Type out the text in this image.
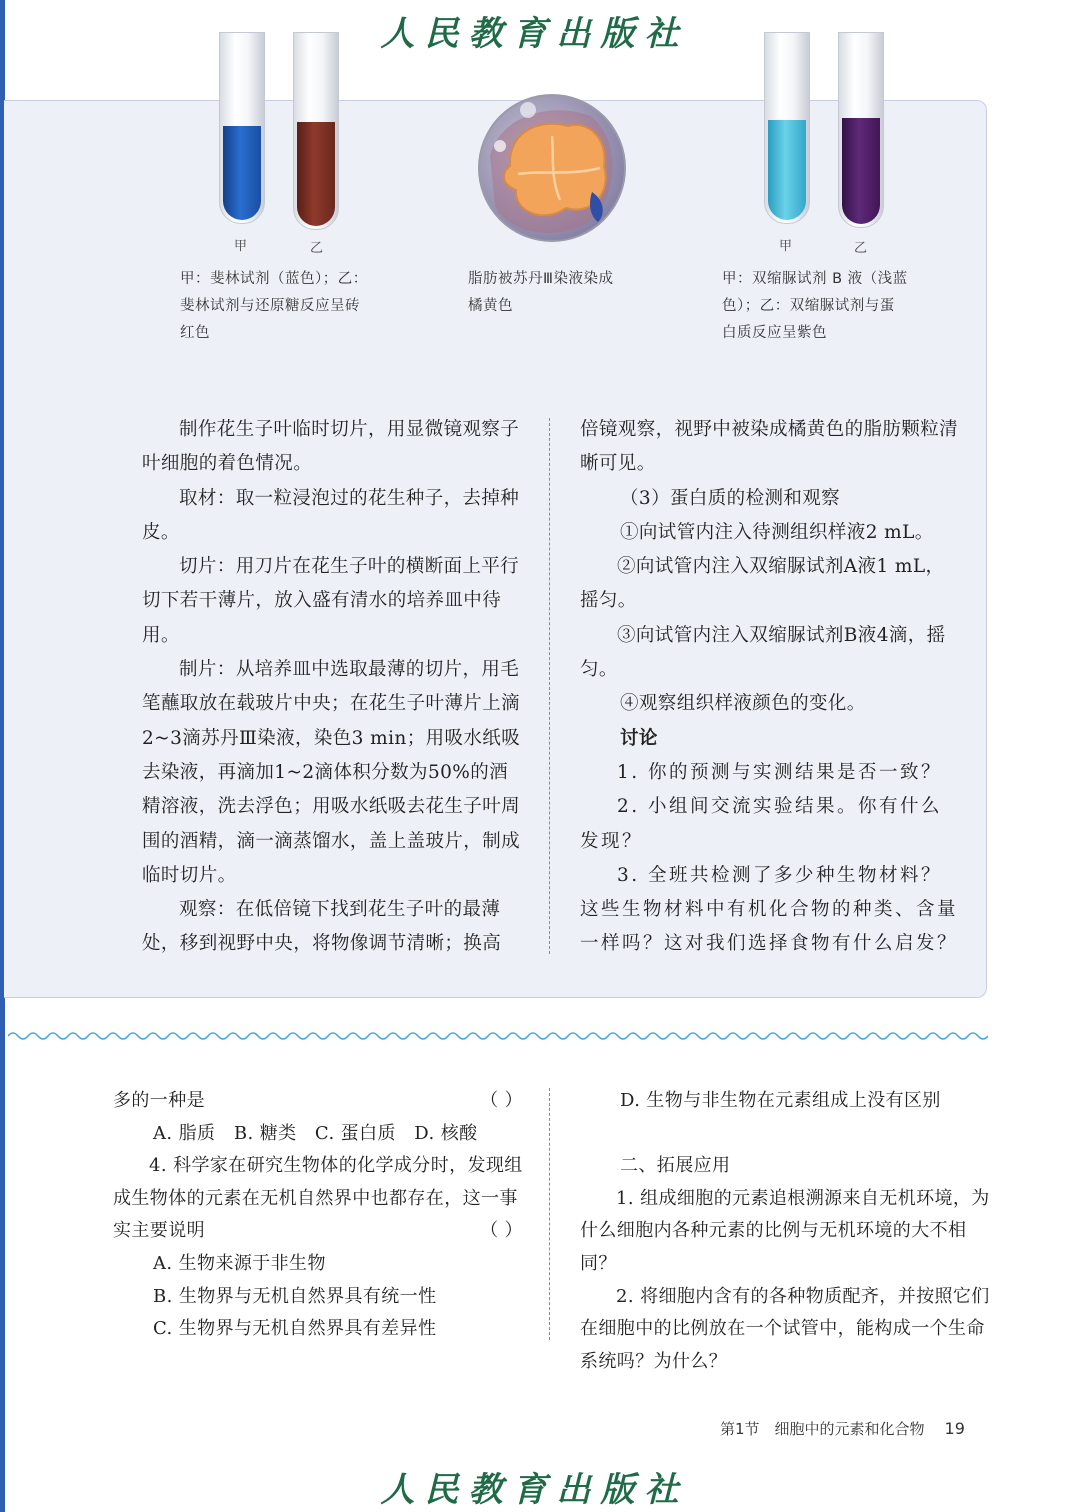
人民教育出版社
甲	乙
甲：斐林试剂（蓝色）；乙：
斐林试剂与还原糖反应呈砖
红色
脂肪被苏丹Ⅲ染液染成
橘黄色
甲	乙
甲：双缩脲试剂 B 液（浅蓝
色）；乙：双缩脲试剂与蛋
白质反应呈紫色

制作花生子叶临时切片，用显微镜观察子叶细胞的着色情况。

取材：取一粒浸泡过的花生种子，去掉种皮。

切片：用刀片在花生子叶的横断面上平行切下若干薄片，放入盛有清水的培养皿中待用。

制片：从培养皿中选取最薄的切片，用毛笔蘸取放在载玻片中央；在花生子叶薄片上滴2~3滴苏丹Ⅲ染液，染色3 min；用吸水纸吸去染液，再滴加1~2滴体积分数为50%的酒精溶液，洗去浮色；用吸水纸吸去花生子叶周围的酒精，滴一滴蒸馏水，盖上盖玻片，制成临时切片。

观察：在低倍镜下找到花生子叶的最薄处，移到视野中央，将物像调节清晰；换高

倍镜观察，视野中被染成橘黄色的脂肪颗粒清晰可见。

（3）蛋白质的检测和观察

①向试管内注入待测组织样液2 mL。

②向试管内注入双缩脲试剂A液1 mL，摇匀。

③向试管内注入双缩脲试剂B液4滴，摇匀。

④观察组织样液颜色的变化。

讨论

1. 你的预测与实测结果是否一致？

2. 小组间交流实验结果。你有什么发现？

3. 全班共检测了多少种生物材料？这些生物材料中有机化合物的种类、含量一样吗？这对我们选择食物有什么启发？

多的一种是	（ ）

A. 脂质　B. 糖类　C. 蛋白质　D. 核酸

4. 科学家在研究生物体的化学成分时，发现组成生物体的元素在无机自然界中也都存在，这一事实主要说明	（ ）

A. 生物来源于非生物

B. 生物界与无机自然界具有统一性

C. 生物界与无机自然界具有差异性

D. 生物与非生物在元素组成上没有区别

二、拓展应用

1. 组成细胞的元素追根溯源来自无机环境，为什么细胞内各种元素的比例与无机环境的大不相同？

2. 将细胞内含有的各种物质配齐，并按照它们在细胞中的比例放在一个试管中，能构成一个生命系统吗？为什么？

第1节　细胞中的元素和化合物 19
人民教育出版社
